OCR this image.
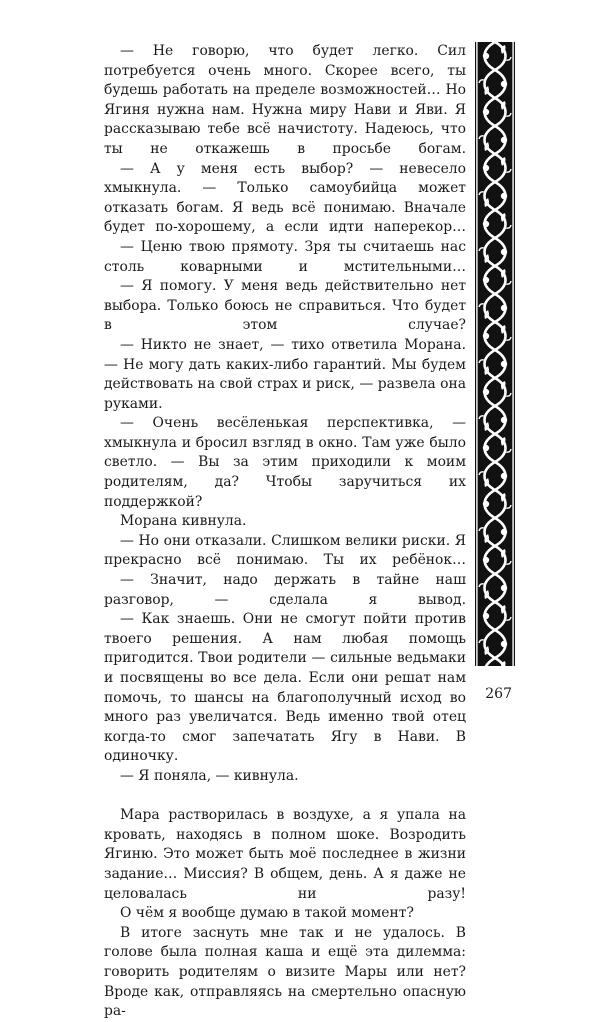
— Не говорю, что будет легко. Сил потребуется очень много. Скорее всего, ты будешь работать на пределе возможностей… Но Ягиня нужна нам. Нужна миру Нави и Яви. Я рассказываю тебе всё начистоту. Надеюсь, что ты не откажешь в просьбе богам.

— А у меня есть выбор? — невесело хмыкнула. — Только самоубийца может отказать богам. Я ведь всё понимаю. Вначале будет по-хорошему, а если идти наперекор…

— Ценю твою прямоту. Зря ты считаешь нас столь коварными и мстительными…

— Я помогу. У меня ведь действительно нет выбора. Только боюсь не справиться. Что будет в этом случае?

— Никто не знает, — тихо ответила Морана. — Не могу дать каких-либо гарантий. Мы будем действовать на свой страх и риск, — развела она руками.

— Очень весёленькая перспективка, — хмыкнула и бросил взгляд в окно. Там уже было светло. — Вы за этим приходили к моим родителям, да? Чтобы заручиться их поддержкой?

Морана кивнула.

— Но они отказали. Слишком велики риски. Я прекрасно всё понимаю. Ты их ребёнок…

— Значит, надо держать в тайне наш разговор, — сделала я вывод.

— Как знаешь. Они не смогут пойти против твоего решения. А нам любая помощь пригодится. Твои родители — сильные ведьмаки и посвящены во все дела. Если они решат нам помочь, то шансы на благополучный исход во много раз увеличатся. Ведь именно твой отец когда-то смог запечатать Ягу в Нави. В одиночку.

— Я поняла, — кивнула.

Мара растворилась в воздухе, а я упала на кровать, находясь в полном шоке. Возродить Ягиню. Это может быть моё последнее в жизни задание… Миссия? В общем, день. А я даже не целовалась ни разу!

О чём я вообще думаю в такой момент?

В итоге заснуть мне так и не удалось. В голове была полная каша и ещё эта дилемма: говорить родителям о визите Мары или нет? Вроде как, отправляясь на смертельно опасную ра-

267
